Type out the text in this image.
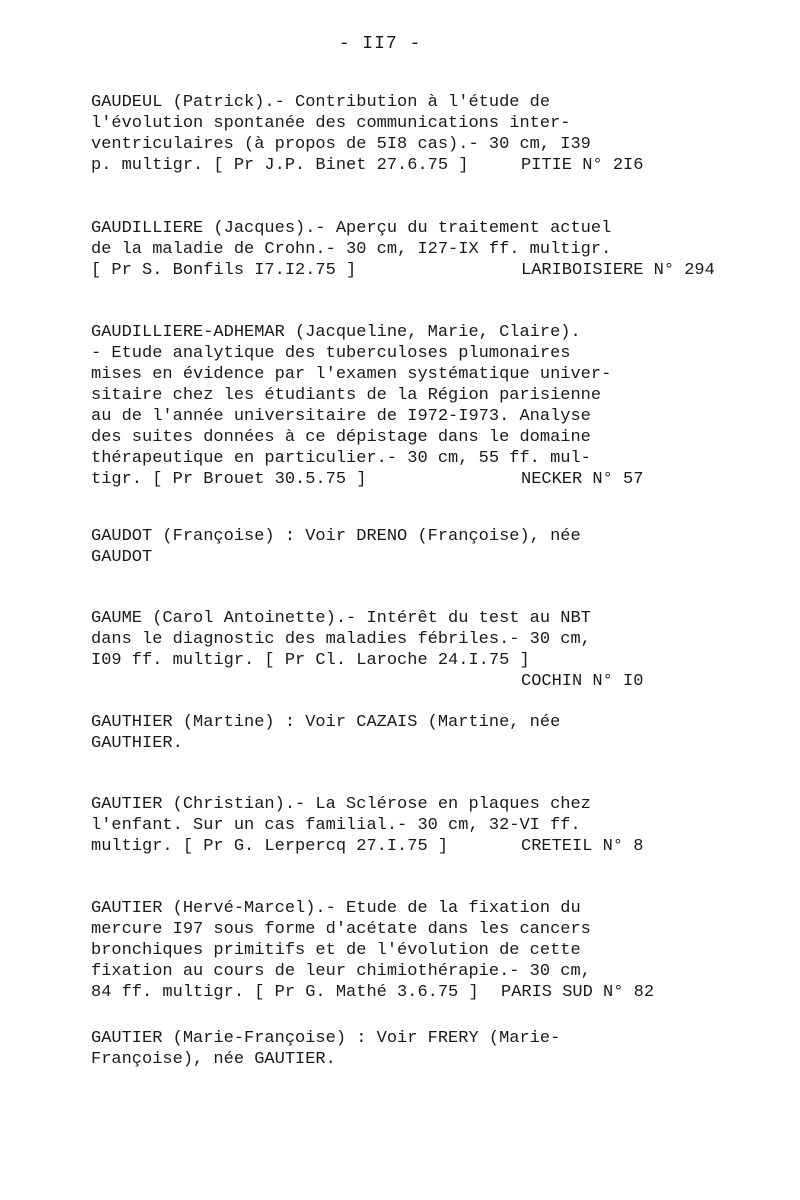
- II7 -
GAUDEUL (Patrick).- Contribution à l'étude de
l'évolution spontanée des communications inter-
ventriculaires (à propos de 5I8 cas).- 30 cm, I39
p. multigr. [ Pr J.P. Binet 27.6.75 ]	PITIE N° 2I6
GAUDILLIERE (Jacques).- Aperçu du traitement actuel
de la maladie de Crohn.- 30 cm, I27-IX ff. multigr.
[ Pr S. Bonfils I7.I2.75 ]	LARIBOISIERE N° 294
GAUDILLIERE-ADHEMAR (Jacqueline, Marie, Claire).
- Etude analytique des tuberculoses plumonaires
mises en évidence par l'examen systématique univer-
sitaire chez les étudiants de la Région parisienne
au de l'année universitaire de I972-I973. Analyse
des suites données à ce dépistage dans le domaine
thérapeutique en particulier.- 30 cm, 55 ff. mul-
tigr. [ Pr Brouet 30.5.75 ]	NECKER N° 57
GAUDOT (Françoise) : Voir DRENO (Françoise), née
GAUDOT
GAUME (Carol Antoinette).- Intérêt du test au NBT
dans le diagnostic des maladies fébriles.- 30 cm,
I09 ff. multigr. [ Pr Cl. Laroche 24.I.75 ]
COCHIN N° I0
GAUTHIER (Martine) : Voir CAZAIS (Martine, née
GAUTHIER.
GAUTIER (Christian).- La Sclérose en plaques chez
l'enfant. Sur un cas familial.- 30 cm, 32-VI ff.
multigr. [ Pr G. Lerpercq 27.I.75 ]	CRETEIL N° 8
GAUTIER (Hervé-Marcel).- Etude de la fixation du
mercure I97 sous forme d'acétate dans les cancers
bronchiques primitifs et de l'évolution de cette
fixation au cours de leur chimiothérapie.- 30 cm,
84 ff. multigr. [ Pr G. Mathé 3.6.75 ] PARIS SUD N° 82
GAUTIER (Marie-Françoise) : Voir FRERY (Marie-
Françoise), née GAUTIER.
